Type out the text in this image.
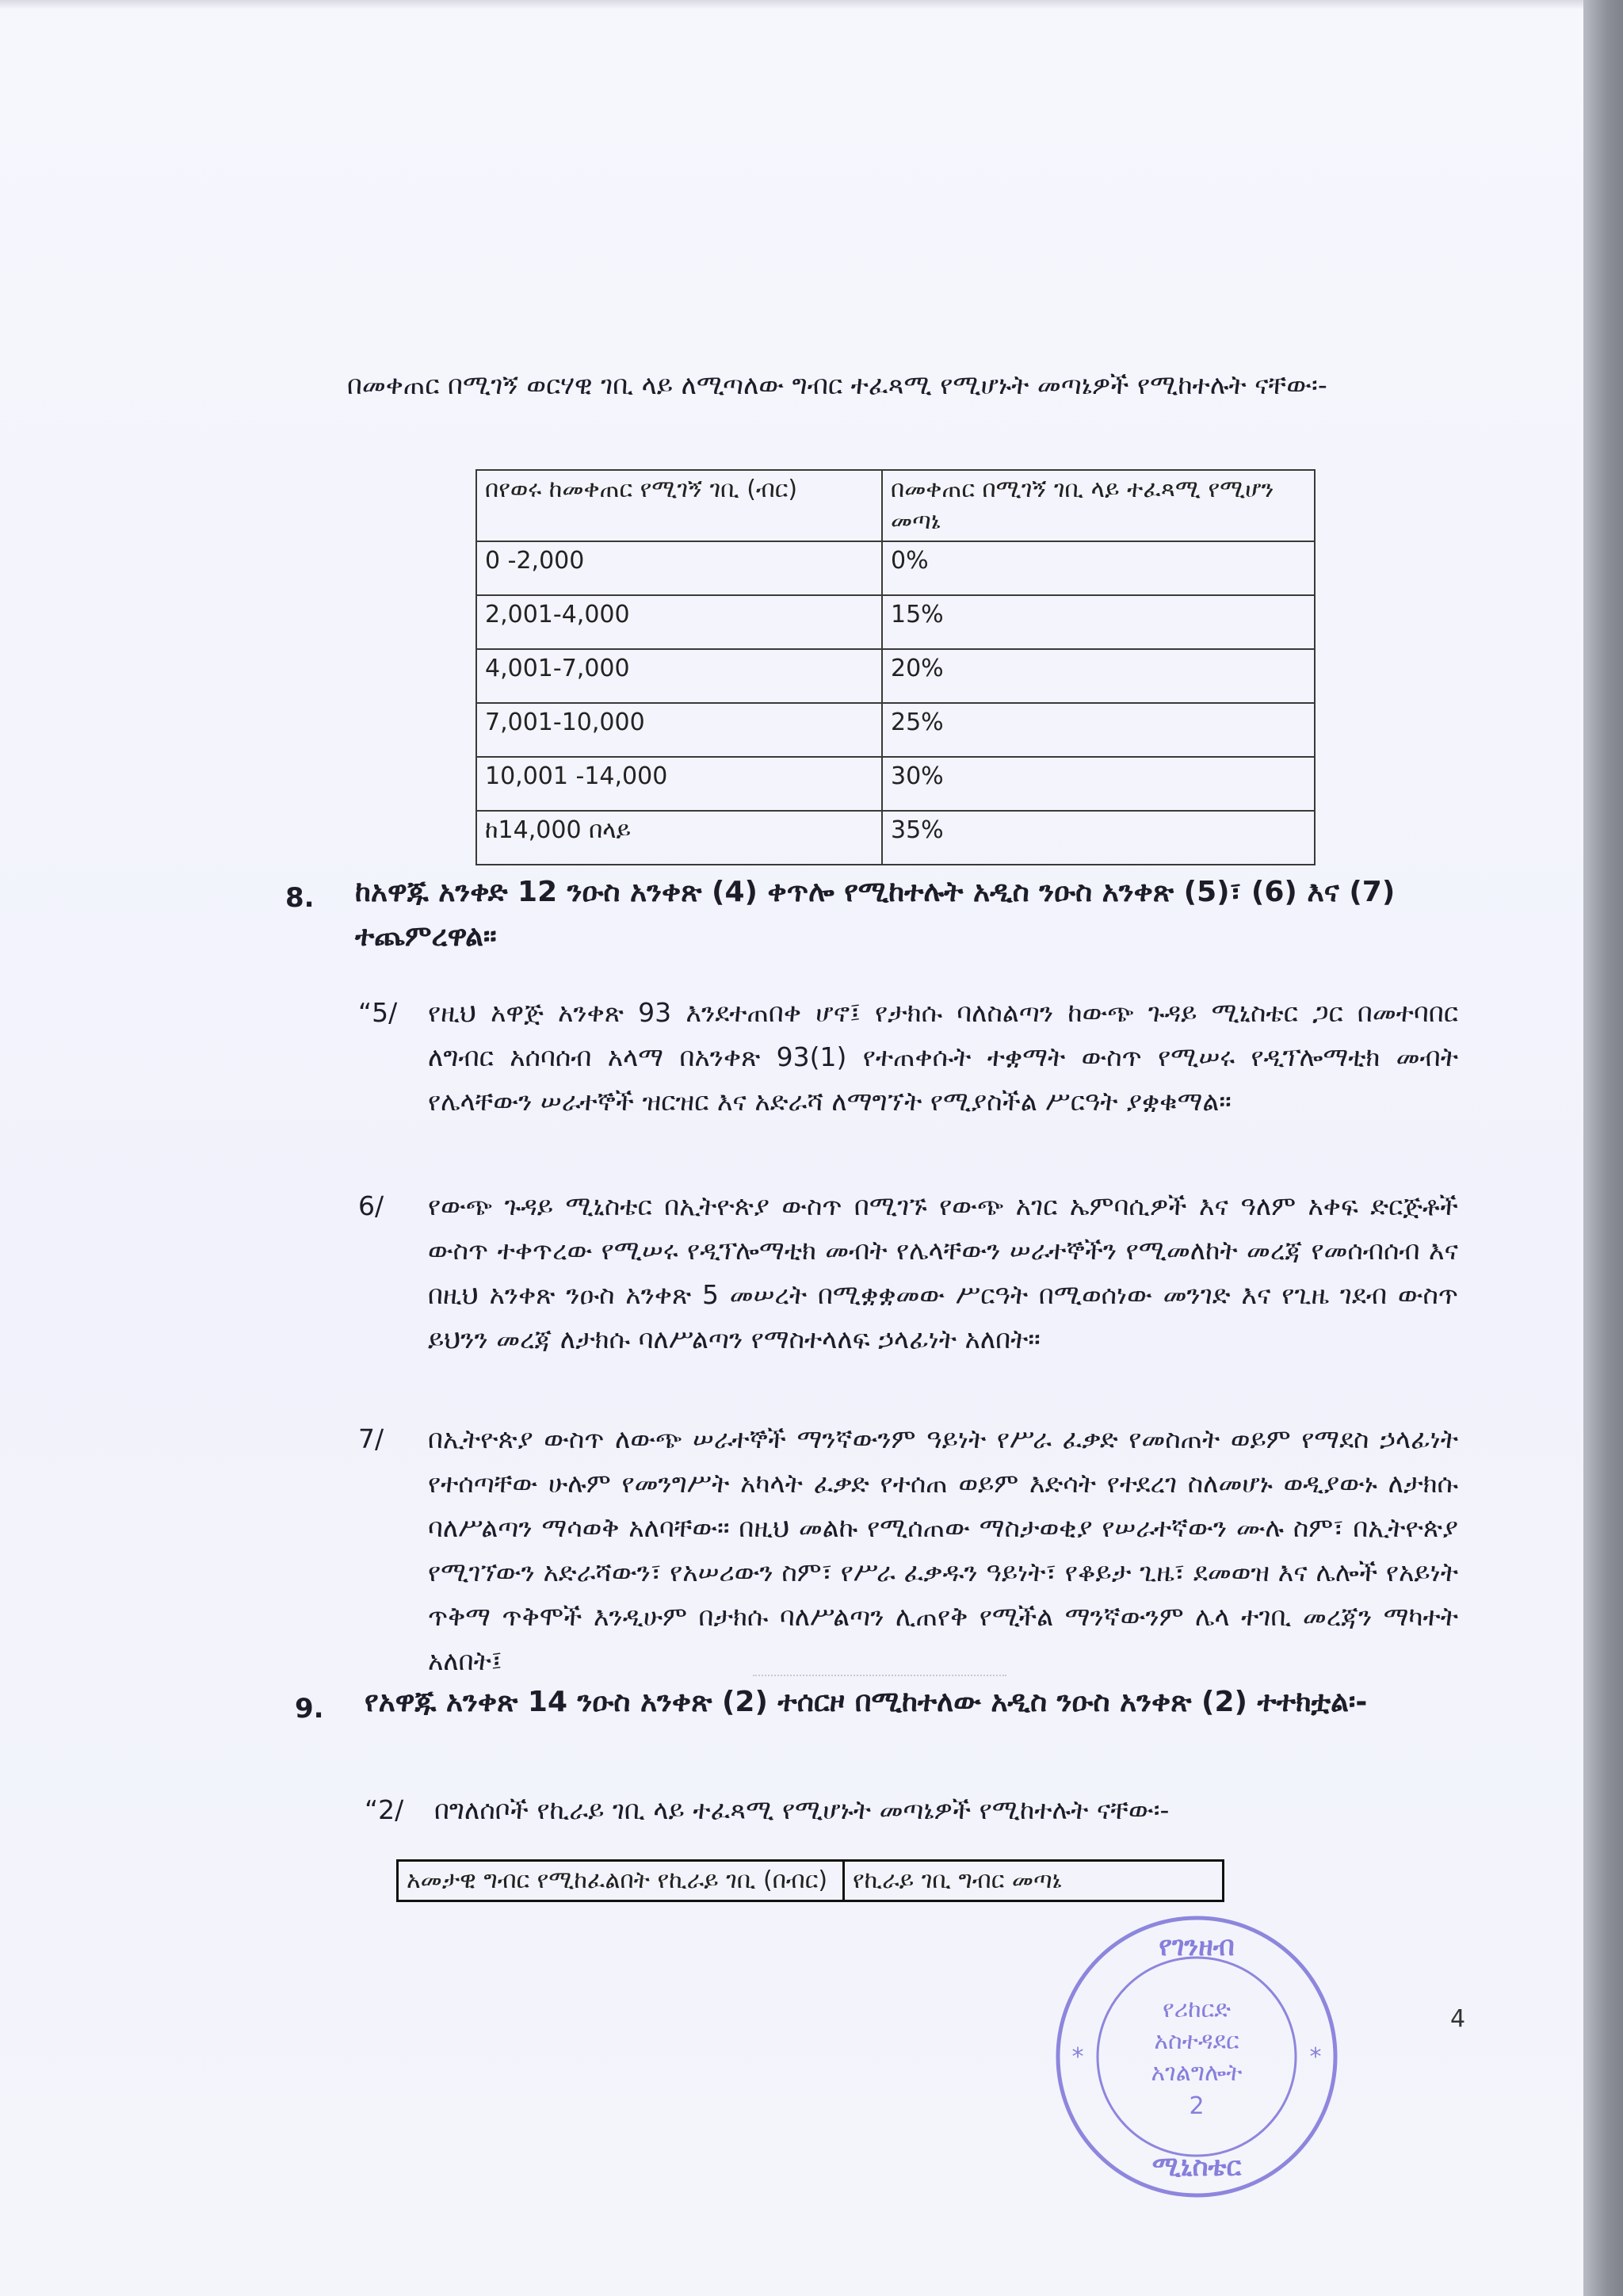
በመቀጠር በሚገኝ ወርሃዊ ገቢ ላይ ለሚጣለው ግብር ተፈጻሚ የሚሆኑት መጣኔዎች የሚከተሉት ናቸው፡-

በየወሩ ከመቀጠር የሚገኝ ገቢ (ብር)	በመቀጠር በሚገኝ ገቢ ላይ ተፈጻሚ የሚሆን መጣኔ
0 -2,000	0%
2,001-4,000	15%
4,001-7,000	20%
7,001-10,000	25%
10,001 -14,000	30%
ከ14,000 በላይ	35%
8. ከአዋጁ አንቀድ 12 ንዑስ አንቀጽ (4) ቀጥሎ የሚከተሉት አዲስ ንዑስ አንቀጽ (5)፣ (6) እና (7) ተጨምረዋል።

“5/ የዚህ አዋጅ አንቀጽ 93 እንደተጠበቀ ሆኖ፤ የታክሱ ባለስልጣን ከውጭ ጉዳይ ሚኒስቴር ጋር በመተባበር ለግብር አሰባሰብ አላማ በአንቀጽ 93(1) የተጠቀሱት ተቋማት ውስጥ የሚሠሩ የዲፕሎማቲክ መብት የሌላቸውን ሠራተኞች ዝርዝር እና አድራሻ ለማግኘት የሚያስችል ሥርዓት ያቋቁማል።

6/ የውጭ ጉዳይ ሚኒስቴር በኢትዮጵያ ውስጥ በሚገኙ የውጭ አገር ኤምባሲዎች እና ዓለም አቀፍ ድርጅቶች ውስጥ ተቀጥረው የሚሠሩ የዲፕሎማቲክ መብት የሌላቸውን ሠራተኞችን የሚመለከት መረጃ የመሰብሰብ እና በዚህ አንቀጽ ንዑስ አንቀጽ 5 መሠረት በሚቋቋመው ሥርዓት በሚወሰነው መንገድ እና የጊዜ ገደብ ውስጥ ይህንን መረጃ ለታክሱ ባለሥልጣን የማስተላለፍ ኃላፊነት አለበት።

7/ በኢትዮጵያ ውስጥ ለውጭ ሠራተኞች ማንኛውንም ዓይነት የሥራ ፈቃድ የመስጠት ወይም የማደስ ኃላፊነት የተሰጣቸው ሁሉም የመንግሥት አካላት ፈቃድ የተሰጠ ወይም እድሳት የተደረገ ስለመሆኑ ወዲያውኑ ለታክሱ ባለሥልጣን ማሳወቅ አለባቸው። በዚህ መልኩ የሚሰጠው ማስታወቂያ የሠራተኛውን ሙሉ ስም፣ በኢትዮጵያ የሚገኘውን አድራሻውን፣ የአሠሪውን ስም፣ የሥራ ፈቃዱን ዓይነት፣ የቆይታ ጊዜ፣ ደመወዝ እና ሌሎች የአይነት ጥቅማ ጥቅሞች እንዲሁም በታክሱ ባለሥልጣን ሊጠየቅ የሚችል ማንኛውንም ሌላ ተገቢ መረጃን ማካተት አለበት፤

9. የአዋጁ አንቀጽ 14 ንዑስ አንቀጽ (2) ተሰርዞ በሚከተለው አዲስ ንዑስ አንቀጽ (2) ተተክቷል፡-

“2/ በግለሰቦች የኪራይ ገቢ ላይ ተፈጻሚ የሚሆኑት መጣኔዎች የሚከተሉት ናቸው፡-

አመታዊ ግብር የሚከፈልበት የኪራይ ገቢ (በብር)	የኪራይ ገቢ ግብር መጣኔ
4
የገንዘብ
የሪከርድ
አስተዳደር
አገልግሎት
2
ሚኒስቴር
*	*
